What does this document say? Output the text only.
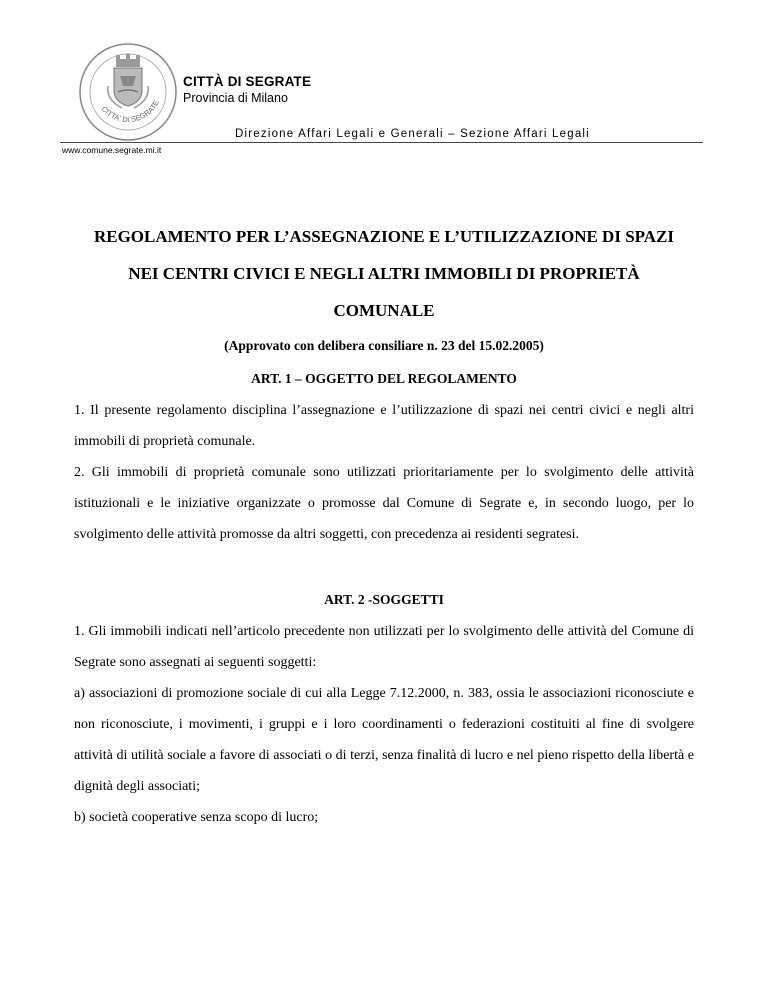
CITTA' DI SEGRATE
CITTÀ DI SEGRATE
Provincia di Milano
Direzione Affari Legali e Generali – Sezione Affari Legali
www.comune.segrate.mi.it
REGOLAMENTO PER L’ASSEGNAZIONE E L’UTILIZZAZIONE DI SPAZI
NEI CENTRI CIVICI E NEGLI ALTRI IMMOBILI DI PROPRIETÀ
COMUNALE
(Approvato con delibera consiliare n. 23 del 15.02.2005)
ART. 1 – OGGETTO DEL REGOLAMENTO

1. Il presente regolamento disciplina l’assegnazione e l’utilizzazione di spazi nei centri civici e negli altri immobili di proprietà comunale.

2. Gli immobili di proprietà comunale sono utilizzati prioritariamente per lo svolgimento delle attività istituzionali e le iniziative organizzate o promosse dal Comune di Segrate e, in secondo luogo, per lo svolgimento delle attività promosse da altri soggetti, con precedenza ai residenti segratesi.

ART. 2 -SOGGETTI

1. Gli immobili indicati nell’articolo precedente non utilizzati per lo svolgimento delle attività del Comune di Segrate sono assegnati ai seguenti soggetti:

a) associazioni di promozione sociale di cui alla Legge 7.12.2000, n. 383, ossia le associazioni riconosciute e non riconosciute, i movimenti, i gruppi e i loro coordinamenti o federazioni costituiti al fine di svolgere attività di utilità sociale a favore di associati o di terzi, senza finalità di lucro e nel pieno rispetto della libertà e dignità degli associati;

b) società cooperative senza scopo di lucro;
